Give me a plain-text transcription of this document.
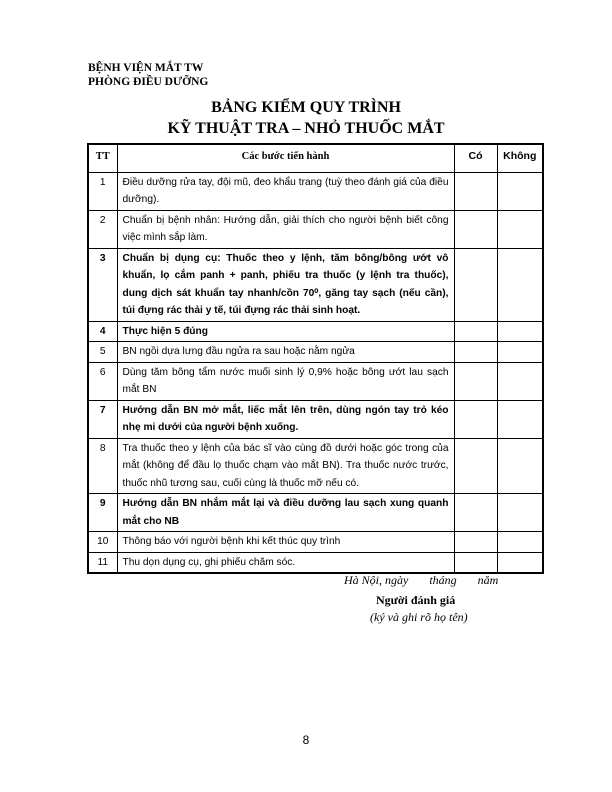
BỆNH VIỆN MẮT TW
PHÒNG ĐIỀU DƯỠNG
BẢNG KIỂM QUY TRÌNH
KỸ THUẬT TRA – NHỎ THUỐC MẮT
TT	Các bước tiến hành	Có	Không
1	Điều dưỡng rửa tay, đội mũ, đeo khẩu trang (tuỳ theo đánh giá của điều dưỡng).		
2	Chuẩn bị bệnh nhân: Hướng dẫn, giải thích cho người bệnh biết công việc mình sắp làm.		
3	Chuẩn bị dụng cụ: Thuốc theo y lệnh, tăm bông/bông ướt vô khuẩn, lọ cắm panh + panh, phiếu tra thuốc (y lệnh tra thuốc), dung dịch sát khuẩn tay nhanh/cồn 70⁰, găng tay sạch (nếu cần), túi đựng rác thải y tế, túi đựng rác thải sinh hoạt.		
4	Thực hiện 5 đúng		
5	BN ngồi dựa lưng đầu ngửa ra sau hoặc nằm ngửa		
6	Dùng tăm bông tẩm nước muối sinh lý 0,9% hoặc bông ướt lau sạch mắt BN		
7	Hướng dẫn BN mở mắt, liếc mắt lên trên, dùng ngón tay trỏ kéo nhẹ mi dưới của người bệnh xuống.		
8	Tra thuốc theo y lệnh của bác sĩ vào cùng đồ dưới hoặc góc trong của mắt (không để đầu lọ thuốc chạm vào mắt BN). Tra thuốc nước trước, thuốc nhũ tương sau, cuối cùng là thuốc mỡ nếu có.		
9	Hướng dẫn BN nhắm mắt lại và điều dưỡng lau sạch xung quanh mắt cho NB		
10	Thông báo với người bệnh khi kết thúc quy trình		
11	Thu dọn dụng cụ, ghi phiếu chăm sóc.		
Hà Nội, ngày       tháng       năm
Người đánh giá
(ký và ghi rõ họ tên)
8
